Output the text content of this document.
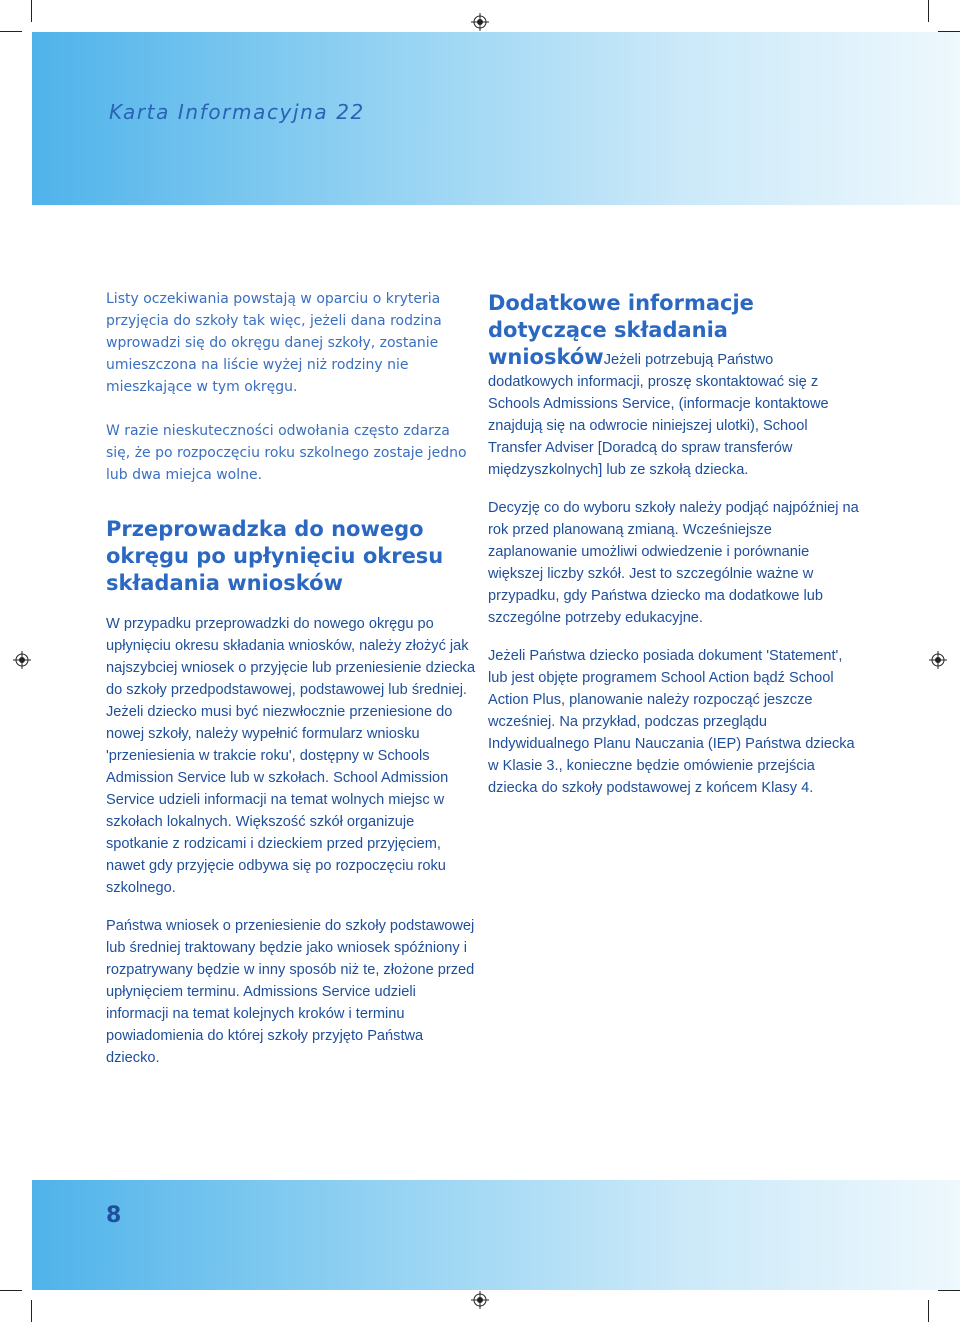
Karta Informacyjna 22

Listy oczekiwania powstają w oparciu o kryteria przyjęcia do szkoły tak więc, jeżeli dana rodzina wprowadzi się do okręgu danej szkoły, zostanie umieszczona na liście wyżej niż rodziny nie mieszkające w tym okręgu.

W razie nieskuteczności odwołania często zdarza się, że po rozpoczęciu roku szkolnego zostaje jedno lub dwa miejca wolne.

Przeprowadzka do nowego okręgu po upłynięciu okresu składania wniosków

W przypadku przeprowadzki do nowego okręgu po upłynięciu okresu składania wniosków, należy złożyć jak najszybciej wniosek o przyjęcie lub przeniesienie dziecka do szkoły przedpodstawowej, podstawowej lub średniej. Jeżeli dziecko musi być niezwłocznie przeniesione do nowej szkoły, należy wypełnić formularz wniosku 'przeniesienia w trakcie roku', dostępny w Schools Admission Service lub w szkołach. School Admission Service udzieli informacji na temat wolnych miejsc w szkołach lokalnych. Większość szkół organizuje spotkanie z rodzicami i dzieckiem przed przyjęciem, nawet gdy przyjęcie odbywa się po rozpoczęciu roku szkolnego.

Państwa wniosek o przeniesienie do szkoły podstawowej lub średniej traktowany będzie jako wniosek spóźniony i rozpatrywany będzie w inny sposób niż te, złożone przed upłynięciem terminu. Admissions Service udzieli informacji na temat kolejnych kroków i terminu powiadomienia do której szkoły przyjęto Państwa dziecko.

Dodatkowe informacje dotyczące składania wnioskówJeżeli potrzebują Państwo dodatkowych informacji, proszę skontaktować się z Schools Admissions Service, (informacje kontaktowe znajdują się na odwrocie niniejszej ulotki), School Transfer Adviser [Doradcą do spraw transferów międzyszkolnych] lub ze szkołą dziecka.

Decyzję co do wyboru szkoły należy podjąć najpóźniej na rok przed planowaną zmianą. Wcześniejsze zaplanowanie umożliwi odwiedzenie i porównanie większej liczby szkół. Jest to szczególnie ważne w przypadku, gdy Państwa dziecko ma dodatkowe lub szczególne potrzeby edukacyjne.

Jeżeli Państwa dziecko posiada dokument 'Statement', lub jest objęte programem School Action bądź School Action Plus, planowanie należy rozpocząć jeszcze wcześniej. Na przykład, podczas przeglądu Indywidualnego Planu Nauczania (IEP) Państwa dziecka w Klasie 3., konieczne będzie omówienie przejścia dziecka do szkoły podstawowej z końcem Klasy 4.

8
